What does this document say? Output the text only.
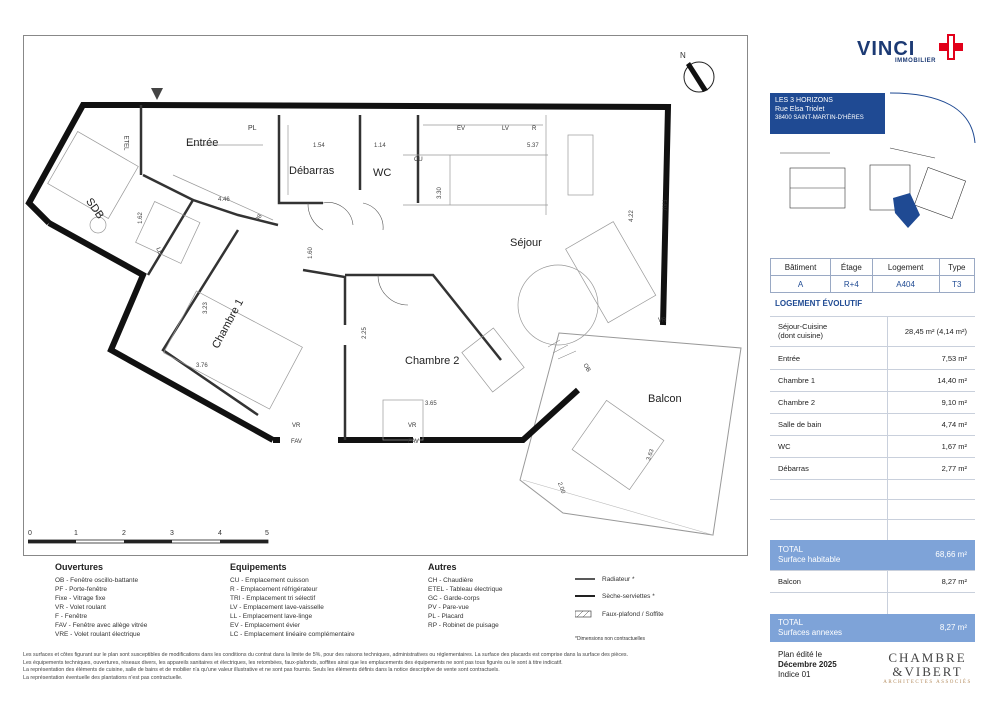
Entrée
Débarras	WC
SDB
Séjour
Chambre 1
Chambre 2
Balcon
PL
ETEL
CU
EV	LV	R
LL
VR	VR
VR
FAV	FAV
FAV
OB
N
1.54	1.14	5.37
4.46
3.30
4.22
1.62	98
1.60
3.23
3.76
2.25
3.65
3.63
2.00
0	1	2	3	4	5
Ouvertures
OB - Fenêtre oscillo-battante
PF - Porte-fenêtre
Fixe - Vitrage fixe
VR - Volet roulant
F - Fenêtre
FAV - Fenêtre avec allège vitrée
VRE - Volet roulant électrique
Equipements
CU - Emplacement cuisson
R - Emplacement réfrigérateur
TRI - Emplacement tri sélectif
LV - Emplacement lave-vaisselle
LL - Emplacement lave-linge
EV - Emplacement évier
LC - Emplacement linéaire complémentaire
Autres
CH - Chaudière
ETEL - Tableau électrique
GC - Garde-corps
PV - Pare-vue
PL - Placard
RP - Robinet de puisage
Radiateur *
Sèche-serviettes *
Faux-plafond / Soffite
*Dimensions non contractuelles
Les surfaces et côtes figurant sur le plan sont susceptibles de modifications dans les conditions du contrat dans la limite de 5%, pour des raisons techniques, administratives ou réglementaires. La surface des placards est comprise dans la surface des pièces.
Les équipements techniques, ouvertures, réseaux divers, les appareils sanitaires et électriques, les retombées, faux-plafonds, soffites ainsi que les emplacements des équipements ne sont pas tous figurés ou le sont à titre indicatif.
La représentation des éléments de cuisine, salle de bains et de mobilier n'a qu'une valeur illustrative et ne sont pas fournis. Seuls les éléments définis dans la notice descriptive de vente sont contractuels.
La représentation éventuelle des plantations n'est pas contractuelle.
VINCI
IMMOBILIER
LES 3 HORIZONS
Rue Elsa Triolet
38400 SAINT-MARTIN-D'HÈRES
Bâtiment	Étage	Logement	Type
A	R+4	A404	T3
LOGEMENT ÉVOLUTIF
Séjour-Cuisine
(dont cuisine)	28,45 m² (4,14 m²)
Entrée	7,53 m²
Chambre 1	14,40 m²
Chambre 2	9,10 m²
Salle de bain	4,74 m²
WC	1,67 m²
Débarras	2,77 m²
TOTAL
Surface habitable
68,66 m²
Balcon	8,27 m²
TOTAL
Surfaces annexes
8,27 m²
Plan édité le
Décembre 2025
Indice 01
CHAMBRE
&VIBERT
ARCHITECTES ASSOCIÉS
